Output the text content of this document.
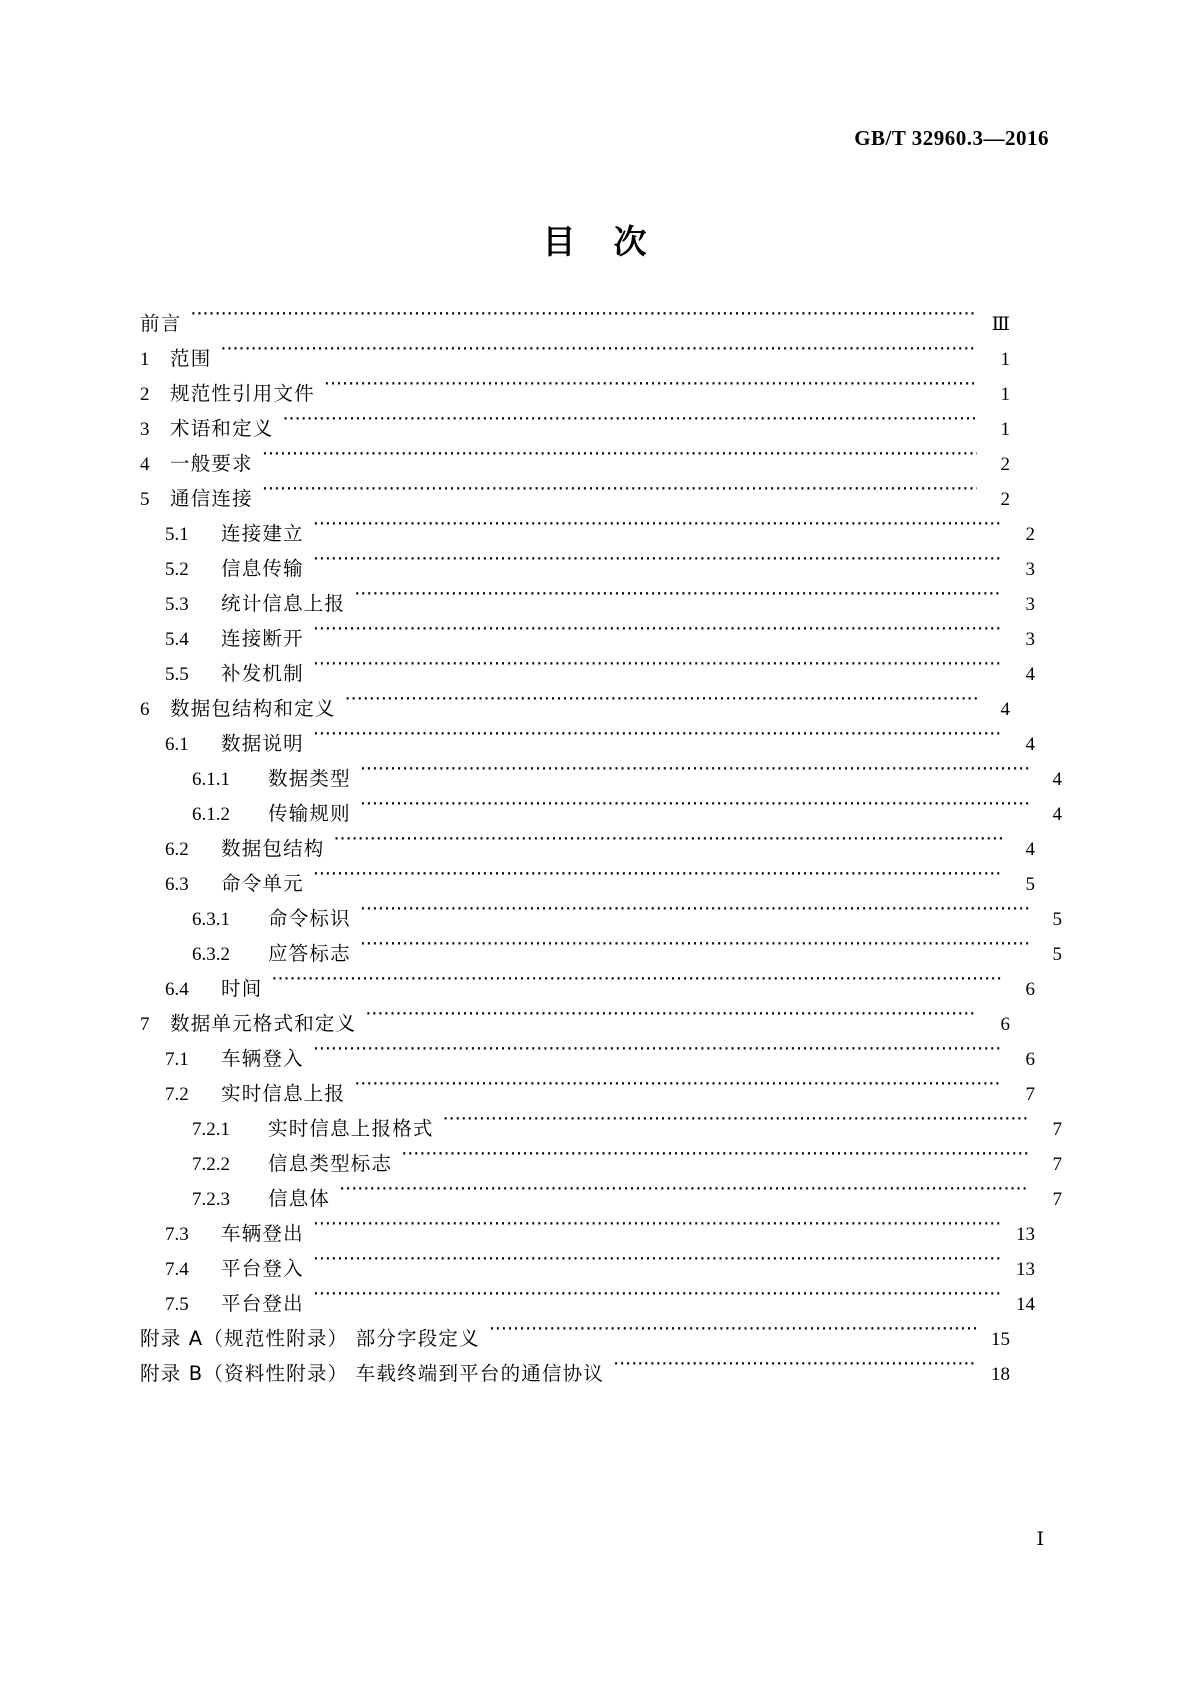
GB/T 32960.3—2016
目 次
前言 ·····	Ⅲ
1	范围 ·····	1
2	规范性引用文件 ·····	1
3	术语和定义 ·····	1
4	一般要求 ·····	2
5	通信连接 ·····	2
5.1	连接建立 ·····	2
5.2	信息传输 ·····	3
5.3	统计信息上报 ·····	3
5.4	连接断开 ·····	3
5.5	补发机制 ·····	4
6	数据包结构和定义 ·····	4
6.1	数据说明 ·····	4
6.1.1	数据类型 ·····	4
6.1.2	传输规则 ·····	4
6.2	数据包结构 ·····	4
6.3	命令单元 ·····	5
6.3.1	命令标识 ·····	5
6.3.2	应答标志 ·····	5
6.4	时间 ·····	6
7	数据单元格式和定义 ·····	6
7.1	车辆登入 ·····	6
7.2	实时信息上报 ·····	7
7.2.1	实时信息上报格式 ·····	7
7.2.2	信息类型标志 ·····	7
7.2.3	信息体 ·····	7
7.3	车辆登出 ·····	13
7.4	平台登入 ·····	13
7.5	平台登出 ·····	14
附录 A（规范性附录） 部分字段定义 ·····	15
附录 B（资料性附录） 车载终端到平台的通信协议 ·····	18
Ⅰ
